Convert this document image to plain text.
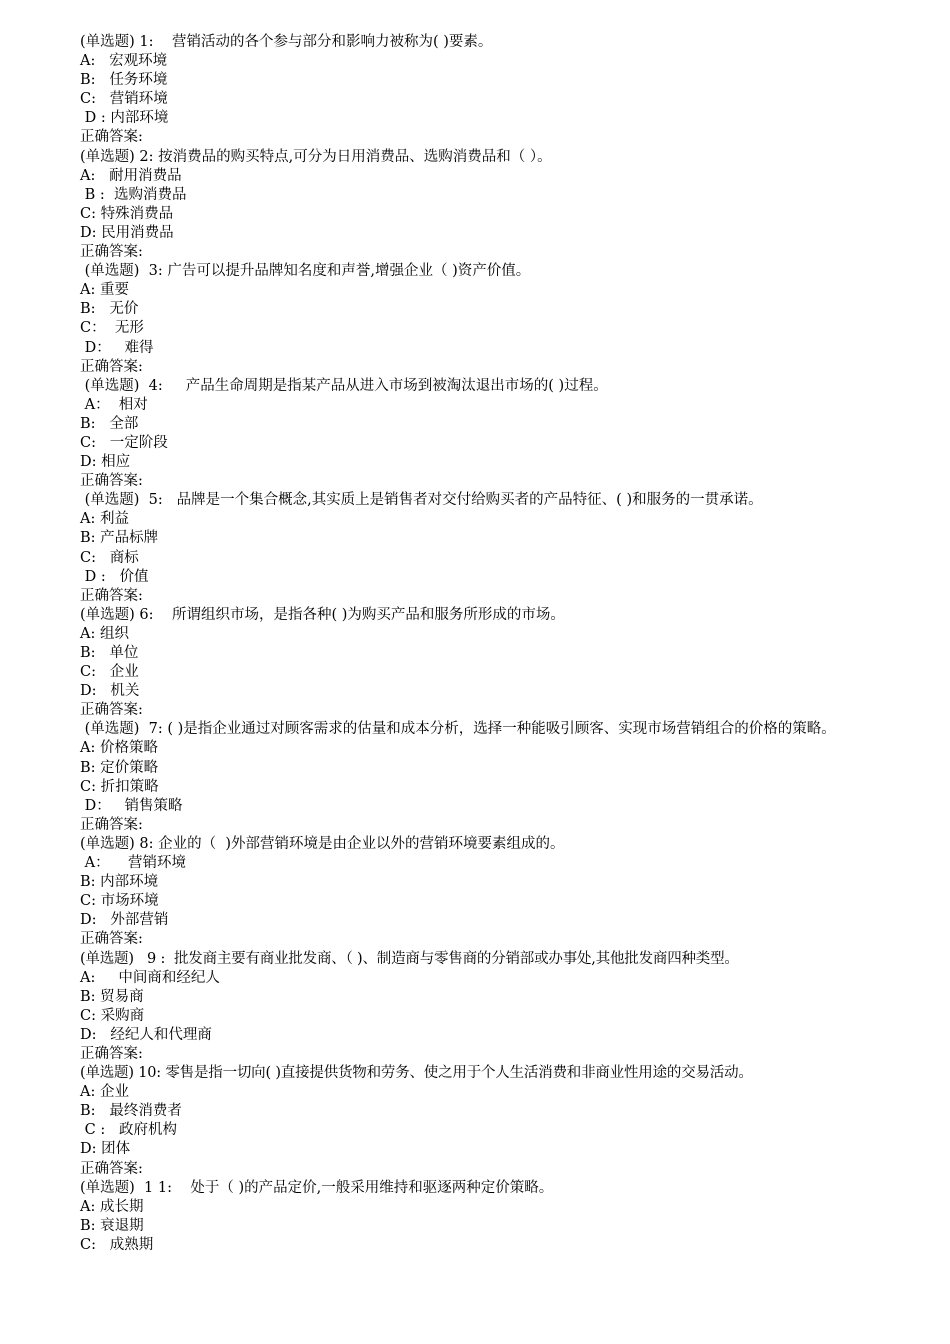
(单选题) 1:    营销活动的各个参与部分和影响力被称为( )要素。
A:   宏观环境
B:   任务环境
C:   营销环境
D : 内部环境
正确答案:
(单选题) 2: 按消费品的购买特点,可分为日用消费品、选购消费品和（ ）。
A:   耐用消费品
B :  选购消费品
C: 特殊消费品
D: 民用消费品
正确答案:
(单选题)  3: 广告可以提升品牌知名度和声誉,增强企业（ )资产价值。
A: 重要
B:   无价
C：  无形
D：   难得
正确答案:
(单选题)  4:     产品生命周期是指某产品从进入市场到被淘汰退出市场的( )过程。
A：  相对
B:   全部
C:   一定阶段
D: 相应
正确答案:
(单选题)  5:   品牌是一个集合概念,其实质上是销售者对交付给购买者的产品特征、( )和服务的一贯承诺。
A: 利益
B: 产品标牌
C:   商标
D :   价值
正确答案:
(单选题) 6:    所谓组织市场，是指各种( )为购买产品和服务所形成的市场。
A: 组织
B:   单位
C:   企业
D:   机关
正确答案:
(单选题)  7: ( )是指企业通过对顾客需求的估量和成本分析，选择一种能吸引顾客、实现市场营销组合的价格的策略。
A: 价格策略
B: 定价策略
C: 折扣策略
D：   销售策略
正确答案:
(单选题) 8: 企业的（  )外部营销环境是由企业以外的营销环境要素组成的。
A：    营销环境
B: 内部环境
C: 市场环境
D:   外部营销
正确答案:
(单选题)   9 :  批发商主要有商业批发商、（ )、制造商与零售商的分销部或办事处,其他批发商四种类型。
A:     中间商和经纪人
B: 贸易商
C: 采购商
D:   经纪人和代理商
正确答案:
(单选题) 10: 零售是指一切向( )直接提供货物和劳务、使之用于个人生活消费和非商业性用途的交易活动。
A: 企业
B:   最终消费者
C :   政府机构
D: 团体
正确答案:
(单选题)  1 1:    处于（ )的产品定价,一般采用维持和驱逐两种定价策略。
A: 成长期
B: 衰退期
C:   成熟期
